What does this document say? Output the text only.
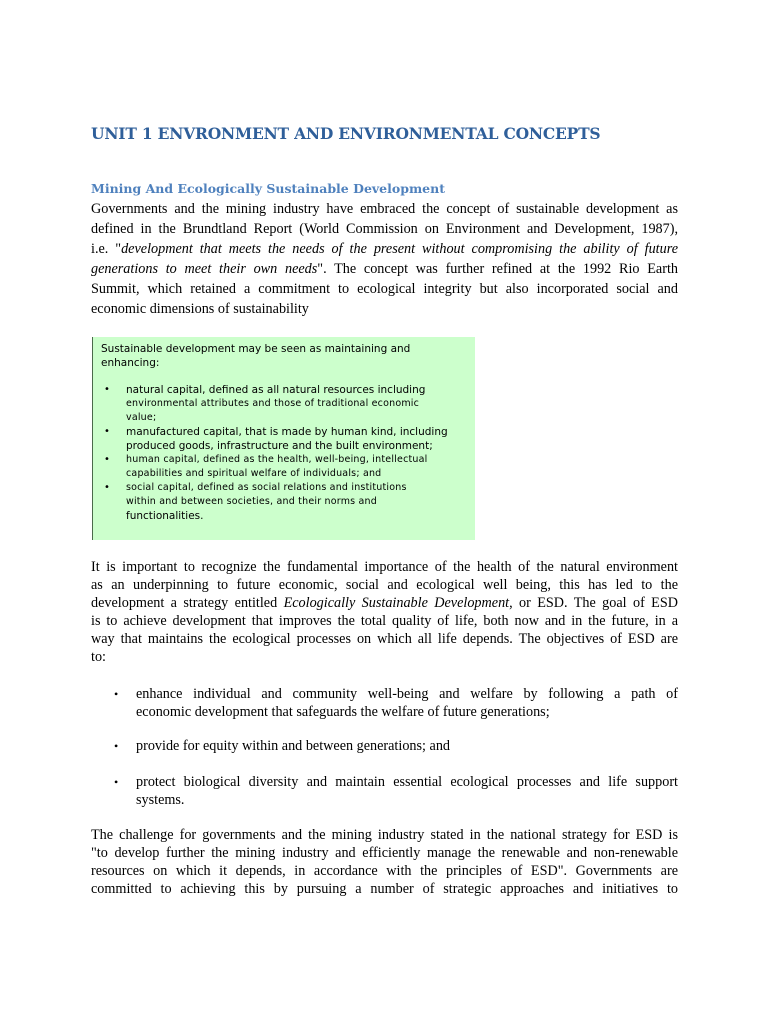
UNIT 1 ENVRONMENT AND ENVIRONMENTAL CONCEPTS
Mining And Ecologically Sustainable Development

Governments and the mining industry have embraced the concept of sustainable development as
defined in the Brundtland Report (World Commission on Environment and Development, 1987),
i.e. "development that meets the needs of the present without compromising the ability of future
generations to meet their own needs". The concept was further refined at the 1992 Rio Earth
Summit, which retained a commitment to ecological integrity but also incorporated social and
economic dimensions of sustainability

Sustainable development may be seen as maintaining and
enhancing:
• natural capital, defined as all natural resources including
environmental attributes and those of traditional economic
value;
• manufactured capital, that is made by human kind, including
produced goods, infrastructure and the built environment;
• human capital, defined as the health, well-being, intellectual
capabilities and spiritual welfare of individuals; and
• social capital, defined as social relations and institutions
within and between societies, and their norms and
functionalities.

It is important to recognize the fundamental importance of the health of the natural environment
as an underpinning to future economic, social and ecological well being, this has led to the
development a strategy entitled Ecologically Sustainable Development, or ESD. The goal of ESD
is to achieve development that improves the total quality of life, both now and in the future, in a
way that maintains the ecological processes on which all life depends. The objectives of ESD are
to:

• enhance individual and community well-being and welfare by following a path of
economic development that safeguards the welfare of future generations;
• provide for equity within and between generations; and
• protect biological diversity and maintain essential ecological processes and life support
systems.

The challenge for governments and the mining industry stated in the national strategy for ESD is
"to develop further the mining industry and efficiently manage the renewable and non-renewable
resources on which it depends, in accordance with the principles of ESD". Governments are
committed to achieving this by pursuing a number of strategic approaches and initiatives to
